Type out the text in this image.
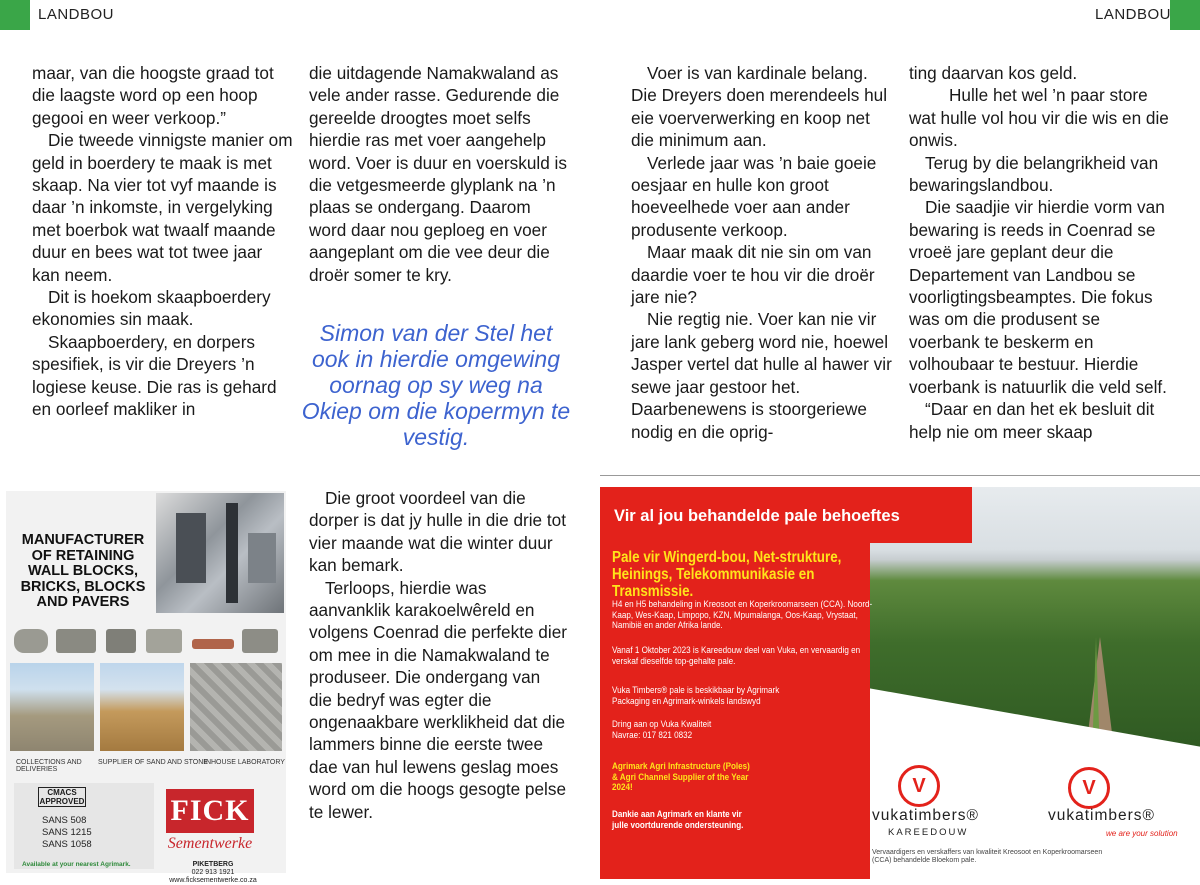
LANDBOU	LANDBOU

maar, van die hoogste graad tot die laagste word op een hoop gegooi en weer verkoop.”

Die tweede vinnigste manier om geld in boerdery te maak is met skaap. Na vier tot vyf maande is daar ’n inkomste, in vergelyking met boerbok wat twaalf maande duur en bees wat tot twee jaar kan neem.

Dit is hoekom skaapboerdery ekonomies sin maak.

Skaapboerdery, en dorpers spesifiek, is vir die Dreyers ’n logiese keuse. Die ras is gehard en oorleef makliker in

die uitdagende Namakwaland as vele ander rasse. Gedurende die gereelde droogtes moet selfs hierdie ras met voer aangehelp word. Voer is duur en voerskuld is die vetgesmeerde glyplank na ’n plaas se ondergang. Daarom word daar nou geploeg en voer aangeplant om die vee deur die droër somer te kry.

Simon van der Stel het ook in hierdie omgewing oornag op sy weg na Okiep om die kopermyn te vestig.

Die groot voordeel van die dorper is dat jy hulle in die drie tot vier maande wat die winter duur kan bemark.

Terloops, hierdie was aanvanklik karakoelwêreld en volgens Coenrad die perfekte dier om mee in die Namakwaland te produseer. Die ondergang van die bedryf was egter die ongenaakbare werklikheid dat die lammers binne die eerste twee dae van hul lewens geslag moes word om die hoogs gesogte pelse te lewer.

Voer is van kardinale belang. Die Dreyers doen merendeels hul eie voerverwerking en koop net die minimum aan.

Verlede jaar was ’n baie goeie oesjaar en hulle kon groot hoeveelhede voer aan ander produsente verkoop.

Maar maak dit nie sin om van daardie voer te hou vir die droër jare nie?

Nie regtig nie. Voer kan nie vir jare lank geberg word nie, hoewel Jasper vertel dat hulle al hawer vir sewe jaar gestoor het. Daarbenewens is stoorgeriewe nodig en die oprig-

ting daarvan kos geld.

Hulle het wel ’n paar store wat hulle vol hou vir die wis en die onwis.

Terug by die belangrikheid van bewaringslandbou.

Die saadjie vir hierdie vorm van bewaring is reeds in Coenrad se vroeë jare geplant deur die Departement van Landbou se voorligtingsbeamptes. Die fokus was om die produsent se voerbank te beskerm en volhoubaar te bestuur. Hierdie voerbank is natuurlik die veld self.

“Daar en dan het ek besluit dit help nie om meer skaap

MANUFACTURER OF RETAINING WALL BLOCKS, BRICKS, BLOCKS AND PAVERS
COLLECTIONS AND DELIVERIES
SUPPLIER OF SAND AND STONE
INHOUSE LABORATORY
CMACS APPROVED
SANS 508
SANS 1215
SANS 1058
FICK
Sementwerke
PIKETBERG
022 913 1921
www.ficksementwerke.co.za
Available at your nearest Agrimark.
Vir al jou behandelde pale behoeftes
Pale vir Wingerd-bou, Net-strukture, Heinings, Telekommunikasie en Transmissie.
H4 en H5 behandeling in Kreosoot en Koperkroomarseen (CCA). Noord-Kaap, Wes-Kaap, Limpopo, KZN, Mpumalanga, Oos-Kaap, Vrystaat, Namibië en ander Afrika lande.
Vanaf 1 Oktober 2023 is Kareedouw deel van Vuka, en vervaardig en verskaf dieselfde top-gehalte pale.
Vuka Timbers® pale is beskikbaar by Agrimark Packaging en Agrimark-winkels landswyd
Dring aan op Vuka Kwaliteit
Navrae: 017 821 0832
Agrimark Agri Infrastructure (Poles) & Agri Channel Supplier of the Year 2024!
Dankie aan Agrimark en klante vir julle voortdurende ondersteuning.
V
vukatimbers®
KAREEDOUW
V
vukatimbers®
we are your solution
Vervaardigers en verskaffers van kwaliteit Kreosoot en Koperkroomarseen (CCA) behandelde Bloekom pale.
